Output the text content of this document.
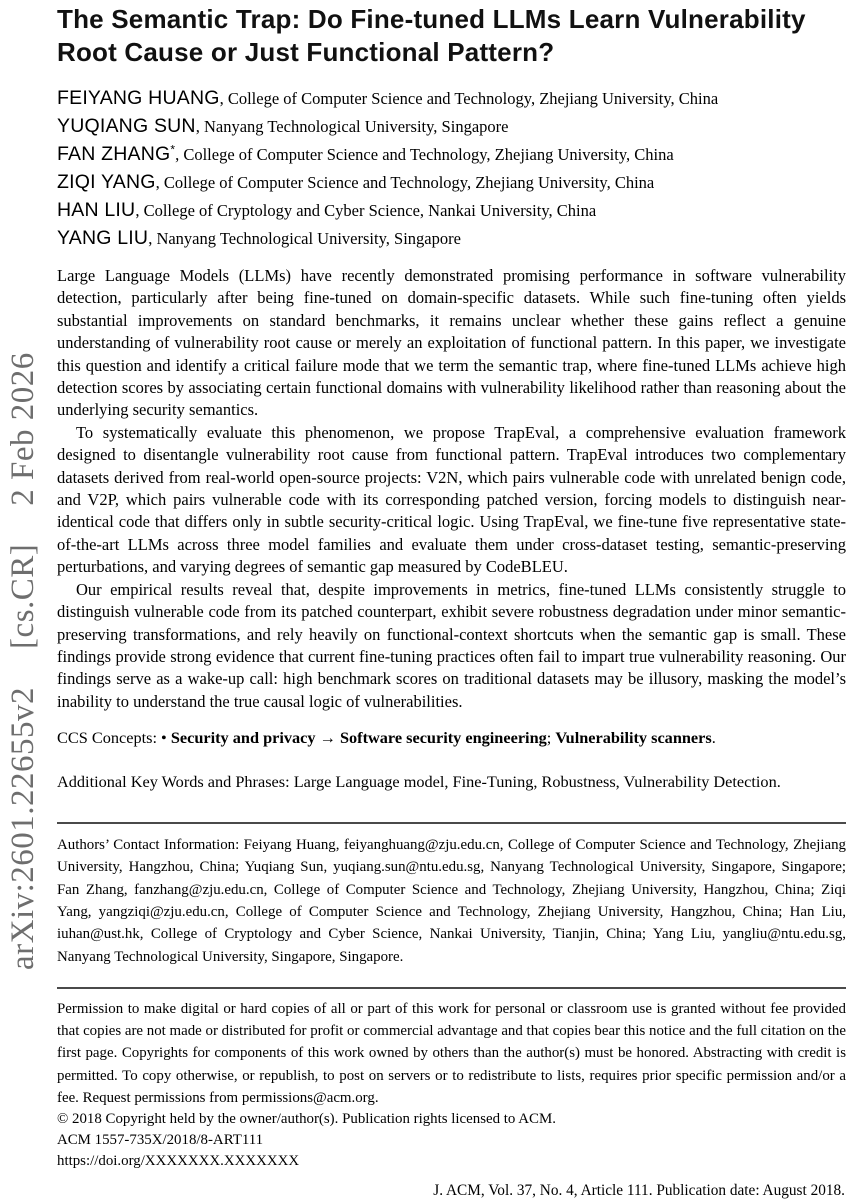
arXiv:2601.22655v2
[cs.CR]
2 Feb 2026
The Semantic Trap: Do Fine-tuned LLMs Learn Vulnerability
Root Cause or Just Functional Pattern?
FEIYANG HUANG, College of Computer Science and Technology, Zhejiang University, China
YUQIANG SUN, Nanyang Technological University, Singapore
FAN ZHANG*, College of Computer Science and Technology, Zhejiang University, China
ZIQI YANG, College of Computer Science and Technology, Zhejiang University, China
HAN LIU, College of Cryptology and Cyber Science, Nankai University, China
YANG LIU, Nanyang Technological University, Singapore

Large Language Models (LLMs) have recently demonstrated promising performance in software vulnerability detection, particularly after being fine-tuned on domain-specific datasets. While such fine-tuning often yields substantial improvements on standard benchmarks, it remains unclear whether these gains reflect a genuine understanding of vulnerability root cause or merely an exploitation of functional pattern. In this paper, we investigate this question and identify a critical failure mode that we term the semantic trap, where fine-tuned LLMs achieve high detection scores by associating certain functional domains with vulnerability likelihood rather than reasoning about the underlying security semantics.

To systematically evaluate this phenomenon, we propose TrapEval, a comprehensive evaluation framework designed to disentangle vulnerability root cause from functional pattern. TrapEval introduces two complementary datasets derived from real-world open-source projects: V2N, which pairs vulnerable code with unrelated benign code, and V2P, which pairs vulnerable code with its corresponding patched version, forcing models to distinguish near-identical code that differs only in subtle security-critical logic. Using TrapEval, we fine-tune five representative state-of-the-art LLMs across three model families and evaluate them under cross-dataset testing, semantic-preserving perturbations, and varying degrees of semantic gap measured by CodeBLEU.

Our empirical results reveal that, despite improvements in metrics, fine-tuned LLMs consistently struggle to distinguish vulnerable code from its patched counterpart, exhibit severe robustness degradation under minor semantic-preserving transformations, and rely heavily on functional-context shortcuts when the semantic gap is small. These findings provide strong evidence that current fine-tuning practices often fail to impart true vulnerability reasoning. Our findings serve as a wake-up call: high benchmark scores on traditional datasets may be illusory, masking the model’s inability to understand the true causal logic of vulnerabilities.

CCS Concepts: • Security and privacy → Software security engineering; Vulnerability scanners.

Additional Key Words and Phrases: Large Language model, Fine-Tuning, Robustness, Vulnerability Detection.

Authors’ Contact Information: Feiyang Huang, feiyanghuang@zju.edu.cn, College of Computer Science and Technology, Zhejiang University, Hangzhou, China; Yuqiang Sun, yuqiang.sun@ntu.edu.sg, Nanyang Technological University, Singapore, Singapore; Fan Zhang, fanzhang@zju.edu.cn, College of Computer Science and Technology, Zhejiang University, Hangzhou, China; Ziqi Yang, yangziqi@zju.edu.cn, College of Computer Science and Technology, Zhejiang University, Hangzhou, China; Han Liu, iuhan@ust.hk, College of Cryptology and Cyber Science, Nankai University, Tianjin, China; Yang Liu, yangliu@ntu.edu.sg, Nanyang Technological University, Singapore, Singapore.

Permission to make digital or hard copies of all or part of this work for personal or classroom use is granted without fee provided that copies are not made or distributed for profit or commercial advantage and that copies bear this notice and the full citation on the first page. Copyrights for components of this work owned by others than the author(s) must be honored. Abstracting with credit is permitted. To copy otherwise, or republish, to post on servers or to redistribute to lists, requires prior specific permission and/or a fee. Request permissions from permissions@acm.org.

© 2018 Copyright held by the owner/author(s). Publication rights licensed to ACM.

ACM 1557-735X/2018/8-ART111

https://doi.org/XXXXXXX.XXXXXXX

J. ACM, Vol. 37, No. 4, Article 111. Publication date: August 2018.
